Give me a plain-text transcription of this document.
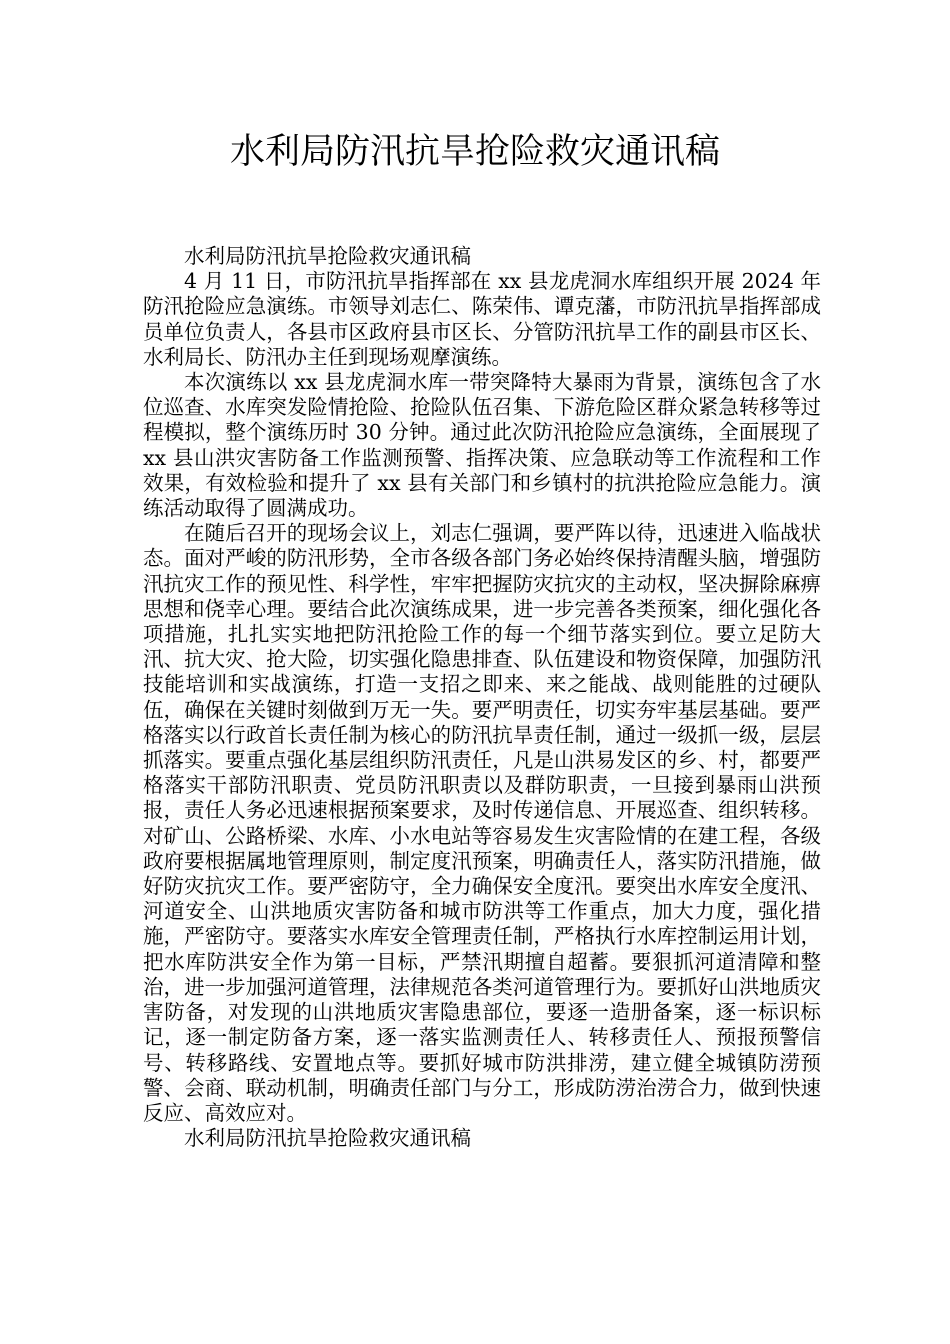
水利局防汛抗旱抢险救灾通讯稿

水利局防汛抗旱抢险救灾通讯稿

4 月 11 日，市防汛抗旱指挥部在 xx 县龙虎洞水库组织开展 2024 年防汛抢险应急演练。市领导刘志仁、陈荣伟、谭克藩，市防汛抗旱指挥部成员单位负责人，各县市区政府县市区长、分管防汛抗旱工作的副县市区长、水利局长、防汛办主任到现场观摩演练。

本次演练以 xx 县龙虎洞水库一带突降特大暴雨为背景，演练包含了水位巡查、水库突发险情抢险、抢险队伍召集、下游危险区群众紧急转移等过程模拟，整个演练历时 30 分钟。通过此次防汛抢险应急演练，全面展现了 xx 县山洪灾害防备工作监测预警、指挥决策、应急联动等工作流程和工作效果，有效检验和提升了 xx 县有关部门和乡镇村的抗洪抢险应急能力。演练活动取得了圆满成功。

在随后召开的现场会议上，刘志仁强调，要严阵以待，迅速进入临战状态。面对严峻的防汛形势，全市各级各部门务必始终保持清醒头脑，增强防汛抗灾工作的预见性、科学性，牢牢把握防灾抗灾的主动权，坚决摒除麻痹思想和侥幸心理。要结合此次演练成果，进一步完善各类预案，细化强化各项措施，扎扎实实地把防汛抢险工作的每一个细节落实到位。要立足防大汛、抗大灾、抢大险，切实强化隐患排查、队伍建设和物资保障，加强防汛技能培训和实战演练，打造一支招之即来、来之能战、战则能胜的过硬队伍，确保在关键时刻做到万无一失。要严明责任，切实夯牢基层基础。要严格落实以行政首长责任制为核心的防汛抗旱责任制，通过一级抓一级，层层抓落实。要重点强化基层组织防汛责任，凡是山洪易发区的乡、村，都要严格落实干部防汛职责、党员防汛职责以及群防职责，一旦接到暴雨山洪预报，责任人务必迅速根据预案要求，及时传递信息、开展巡查、组织转移。对矿山、公路桥梁、水库、小水电站等容易发生灾害险情的在建工程，各级政府要根据属地管理原则，制定度汛预案，明确责任人，落实防汛措施，做好防灾抗灾工作。要严密防守，全力确保安全度汛。要突出水库安全度汛、河道安全、山洪地质灾害防备和城市防洪等工作重点，加大力度，强化措施，严密防守。要落实水库安全管理责任制，严格执行水库控制运用计划，把水库防洪安全作为第一目标，严禁汛期擅自超蓄。要狠抓河道清障和整治，进一步加强河道管理，法律规范各类河道管理行为。要抓好山洪地质灾害防备，对发现的山洪地质灾害隐患部位，要逐一造册备案，逐一标识标记，逐一制定防备方案，逐一落实监测责任人、转移责任人、预报预警信号、转移路线、安置地点等。要抓好城市防洪排涝，建立健全城镇防涝预警、会商、联动机制，明确责任部门与分工，形成防涝治涝合力，做到快速反应、高效应对。

水利局防汛抗旱抢险救灾通讯稿
